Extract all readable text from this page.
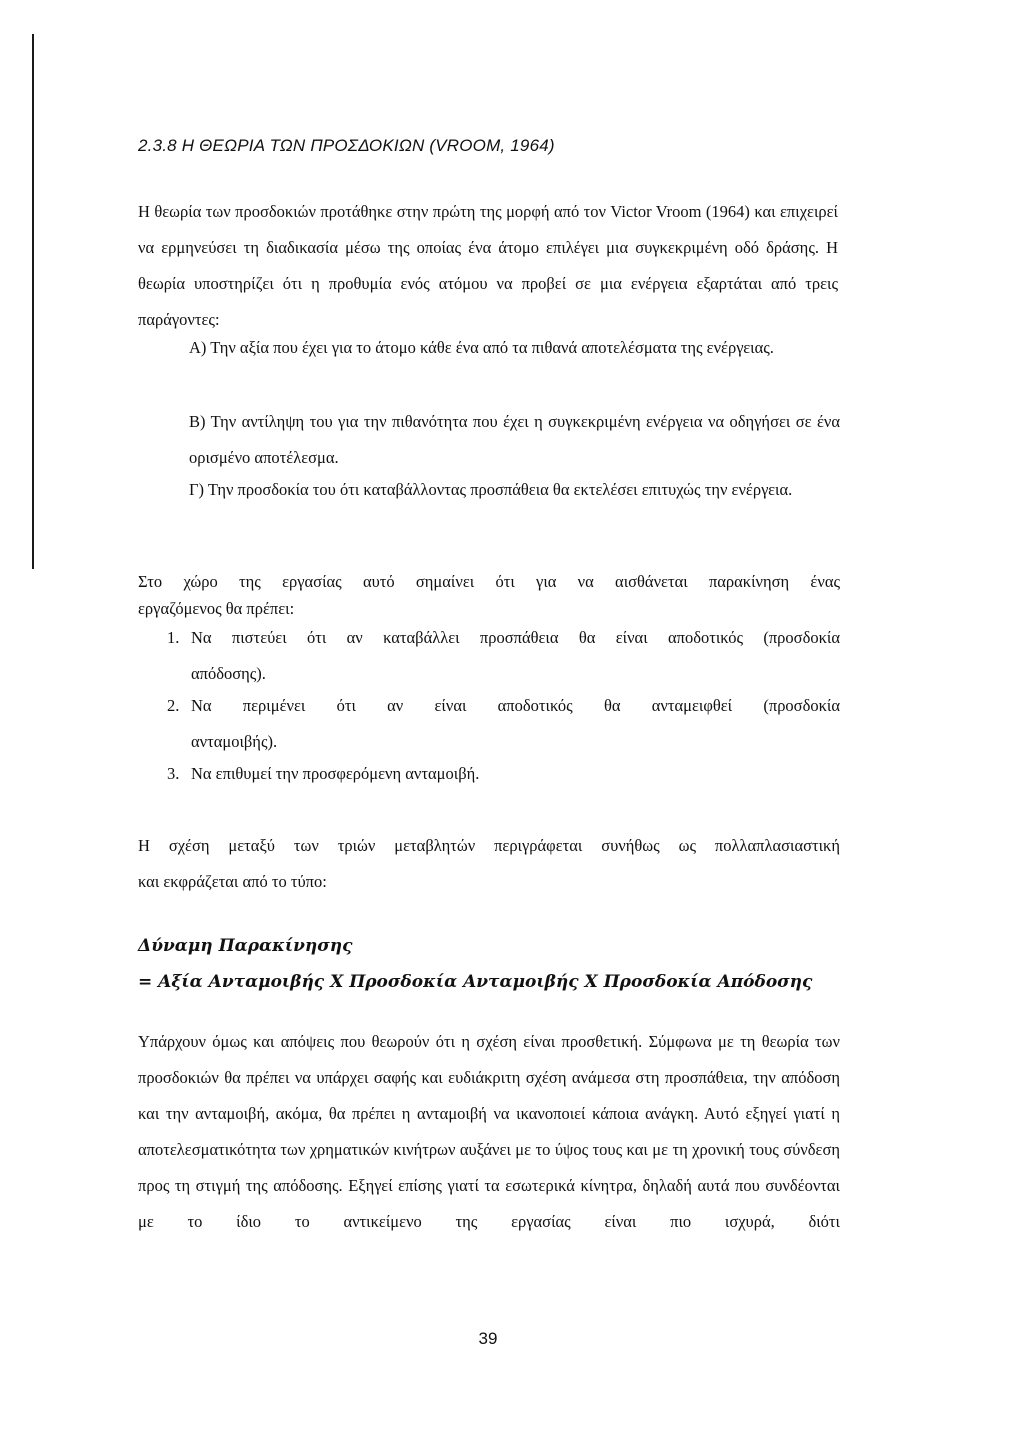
2.3.8 Η ΘΕΩΡΙΑ ΤΩΝ ΠΡΟΣΔΟΚΙΩΝ (VROOM, 1964)
Η θεωρία των προσδοκιών προτάθηκε στην πρώτη της μορφή από τον Victor Vroom (1964) και επιχειρεί να ερμηνεύσει τη διαδικασία μέσω της οποίας ένα άτομο επιλέγει μια συγκεκριμένη οδό δράσης. Η θεωρία υποστηρίζει ότι η προθυμία ενός ατόμου να προβεί σε μια ενέργεια εξαρτάται από τρεις παράγοντες:
Α) Την αξία που έχει για το άτομο κάθε ένα από τα πιθανά αποτελέσματα της ενέργειας.
Β) Την αντίληψη του για την πιθανότητα που έχει η συγκεκριμένη ενέργεια να οδηγήσει σε ένα ορισμένο αποτέλεσμα.
Γ) Την προσδοκία του ότι καταβάλλοντας προσπάθεια θα εκτελέσει επιτυχώς την ενέργεια.
Στο χώρο της εργασίας αυτό σημαίνει ότι για να αισθάνεται παρακίνηση ένας
εργαζόμενος θα πρέπει:
1. Να πιστεύει ότι αν καταβάλλει προσπάθεια θα είναι αποδοτικός (προσδοκία
απόδοσης).
2. Να περιμένει ότι αν είναι αποδοτικός θα ανταμειφθεί (προσδοκία
ανταμοιβής).
3. Να επιθυμεί την προσφερόμενη ανταμοιβή.
Η σχέση μεταξύ των τριών μεταβλητών περιγράφεται συνήθως ως πολλαπλασιαστική
και εκφράζεται από το τύπο:
Δύναμη Παρακίνησης
= Αξία Ανταμοιβής Χ Προσδοκία Ανταμοιβής Χ Προσδοκία Απόδοσης
Υπάρχουν όμως και απόψεις που θεωρούν ότι η σχέση είναι προσθετική. Σύμφωνα με τη θεωρία των προσδοκιών θα πρέπει να υπάρχει σαφής και ευδιάκριτη σχέση ανάμεσα στη προσπάθεια, την απόδοση και την ανταμοιβή, ακόμα, θα πρέπει η ανταμοιβή να ικανοποιεί κάποια ανάγκη. Αυτό εξηγεί γιατί η αποτελεσματικότητα των χρηματικών κινήτρων αυξάνει με το ύψος τους και με τη χρονική τους σύνδεση προς τη στιγμή της απόδοσης. Εξηγεί επίσης γιατί τα εσωτερικά κίνητρα, δηλαδή αυτά που συνδέονται με το ίδιο το αντικείμενο της εργασίας είναι πιο ισχυρά, διότι
39
